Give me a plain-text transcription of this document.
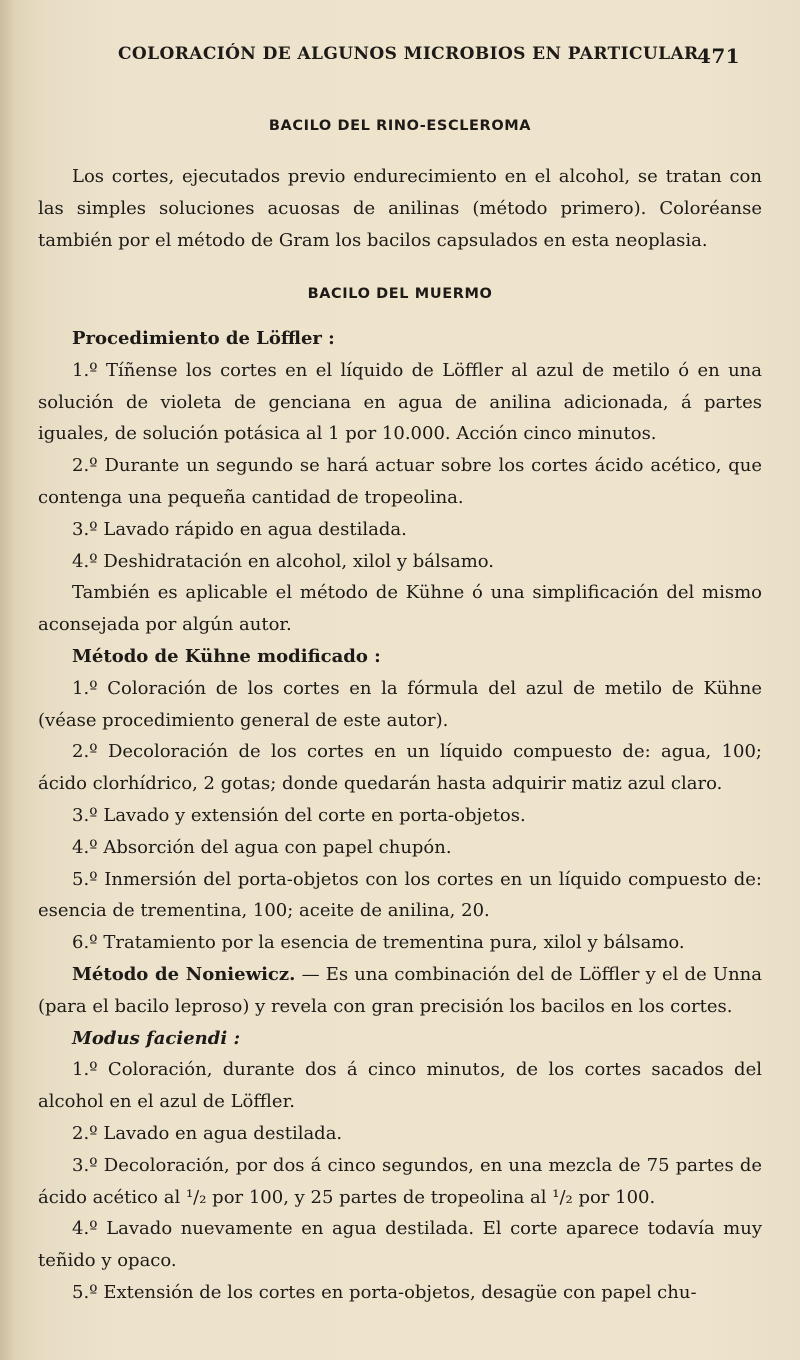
COLORACIÓN DE ALGUNOS MICROBIOS EN PARTICULAR
471
BACILO DEL RINO-ESCLEROMA

Los cortes, ejecutados previo endurecimiento en el alcohol, se tratan con las simples soluciones acuosas de anilinas (método primero). Coloréanse también por el método de Gram los bacilos capsulados en esta neoplasia.

BACILO DEL MUERMO

Procedimiento de Löffler :

1.º Tíñense los cortes en el líquido de Löffler al azul de metilo ó en una solución de violeta de genciana en agua de anilina adicionada, á partes iguales, de solución potásica al 1 por 10.000. Acción cinco minutos.

2.º Durante un segundo se hará actuar sobre los cortes ácido acético, que contenga una pequeña cantidad de tropeolina.

3.º Lavado rápido en agua destilada.

4.º Deshidratación en alcohol, xilol y bálsamo.

También es aplicable el método de Kühne ó una simplificación del mismo aconsejada por algún autor.

Método de Kühne modificado :

1.º Coloración de los cortes en la fórmula del azul de metilo de Kühne (véase procedimiento general de este autor).

2.º Decoloración de los cortes en un líquido compuesto de: agua, 100; ácido clorhídrico, 2 gotas; donde quedarán hasta adquirir matiz azul claro.

3.º Lavado y extensión del corte en porta-objetos.

4.º Absorción del agua con papel chupón.

5.º Inmersión del porta-objetos con los cortes en un líquido compuesto de: esencia de trementina, 100; aceite de anilina, 20.

6.º Tratamiento por la esencia de trementina pura, xilol y bálsamo.

Método de Noniewicz. — Es una combinación del de Löffler y el de Unna (para el bacilo leproso) y revela con gran precisión los bacilos en los cortes.

Modus faciendi :

1.º Coloración, durante dos á cinco minutos, de los cortes sacados del alcohol en el azul de Löffler.

2.º Lavado en agua destilada.

3.º Decoloración, por dos á cinco segundos, en una mezcla de 75 partes de ácido acético al ¹/₂ por 100, y 25 partes de tropeolina al ¹/₂ por 100.

4.º Lavado nuevamente en agua destilada. El corte aparece todavía muy teñido y opaco.

5.º Extensión de los cortes en porta-objetos, desagüe con papel chu-
